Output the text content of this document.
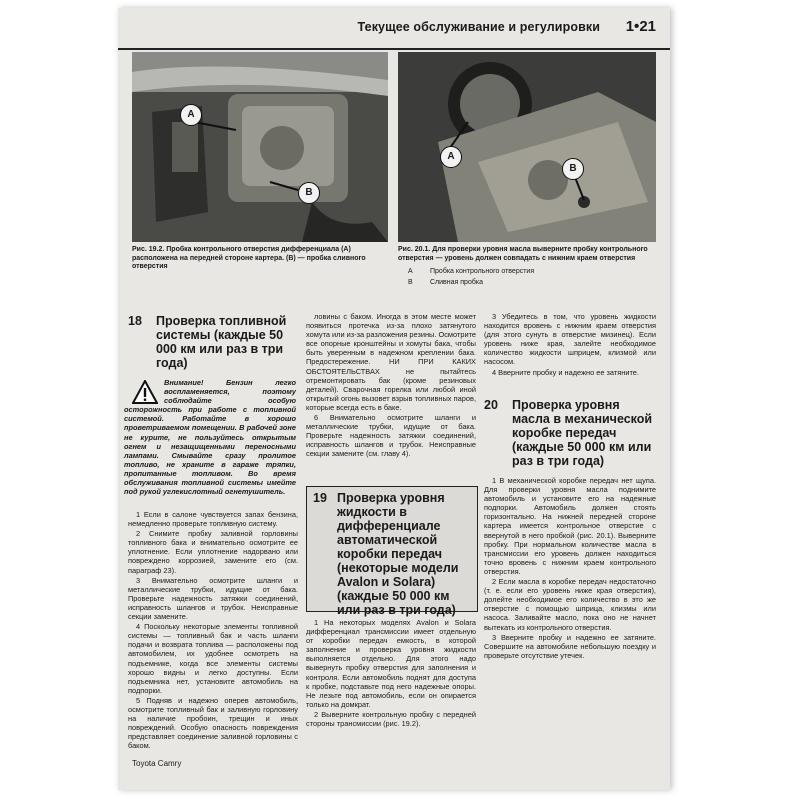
Текущее обслуживание и регулировки 1•21
A
B
A
B
Рис. 19.2. Пробка контрольного отверстия дифференциала (А) расположена на передней стороне картера. (В) — пробка сливного отверстия
Рис. 20.1. Для проверки уровня масла выверните пробку контрольного отверстия — уровень должен совпадать с нижним краем отверстия
A Пробка контрольного отверстия
B Сливная пробка
18 Проверка топливной системы (каждые 50 000 км или раз в три года)
Внимание! Бензин легко воспламеняется, поэтому соблюдайте особую осторожность при работе с топливной системой. Работайте в хорошо проветриваемом помещении. В рабочей зоне не курите, не пользуйтесь открытым огнем и незащищенными переносными лампами. Смывайте сразу пролитое топливо, не храните в гараже тряпки, пропитанные топливом. Во время обслуживания топливной системы имейте под рукой углекислотный огнетушитель.

1 Если в салоне чувствуется запах бензина, немедленно проверьте топливную систему.

2 Снимите пробку заливной горловины топливного бака и внимательно осмотрите ее уплотнение. Если уплотнение надорвано или повреждено коррозией, замените его (см. параграф 23).

3 Внимательно осмотрите шланги и металлические трубки, идущие от бака. Проверьте надежность затяжки соединений, исправность шлангов и трубок. Неисправные секции замените.

4 Поскольку некоторые элементы топливной системы — топливный бак и часть шланги подачи и возврата топлива — расположены под автомобилем, их удобнее осмотреть на подъемнике, когда все элементы системы хорошо видны и легко доступны. Если подъемника нет, установите автомобиль на подпорки.

5 Подняв и надежно оперев автомобиль, осмотрите топливный бак и заливную горловину на наличие пробоин, трещин и иных повреждений. Особую опасность повреждения представляет соединение заливной горловины с баком.

ловины с баком. Иногда в этом месте может появиться протечка из-за плохо затянутого хомута или из-за разложения резины. Осмотрите все опорные кронштейны и хомуты бака, чтобы быть уверенным в надежном креплении бака. Предостережение. НИ ПРИ КАКИХ ОБСТОЯТЕЛЬСТВАХ не пытайтесь отремонтировать бак (кроме резиновых деталей). Сварочная горелка или любой иной открытый огонь вызовет взрыв топливных паров, которые всегда есть в баке.

6 Внимательно осмотрите шланги и металлические трубки, идущие от бака. Проверьте надежность затяжки соединений, исправность шлангов и трубок. Неисправные секции замените (см. главу 4).

19 Проверка уровня жидкости в дифференциале автоматической коробки передач (некоторые модели Avalon и Solara) (каждые 50 000 км или раз в три года)

1 На некоторых моделях Avalon и Solara дифференциал трансмиссии имеет отдельную от коробки передач емкость, в которой заполнение и проверка уровня жидкости выполняется отдельно. Для этого надо вывернуть пробку отверстия для заполнения и контроля. Если автомобиль поднят для доступа к пробке, подставьте под него надежные опоры. Не лезьте под автомобиль, если он опирается только на домкрат.

2 Выверните контрольную пробку с передней стороны трансмиссии (рис. 19.2).

3 Убедитесь в том, что уровень жидкости находится вровень с нижним краем отверстия (для этого сунуть в отверстие мизинец). Если уровень ниже края, залейте необходимое количество жидкости шприцем, клизмой или насосом.

4 Вверните пробку и надежно ее затяните.

20 Проверка уровня масла в механической коробке передач (каждые 50 000 км или раз в три года)

1 В механической коробке передач нет щупа. Для проверки уровня масла поднимите автомобиль и установите его на надежные подпорки. Автомобиль должен стоять горизонтально. На нижней передней стороне картера имеется контрольное отверстие с ввернутой в него пробкой (рис. 20.1). Выверните пробку. При нормальном количестве масла в трансмиссии его уровень должен находиться точно вровень с нижним краем контрольного отверстия.

2 Если масла в коробке передач недостаточно (т. е. если его уровень ниже края отверстия), долейте необходимое его количество в это же отверстие с помощью шприца, клизмы или насоса. Заливайте масло, пока оно не начнет вытекать из контрольного отверстия.

3 Вверните пробку и надежно ее затяните. Совершите на автомобиле небольшую поездку и проверьте отсутствие утечек.

Toyota Camry
